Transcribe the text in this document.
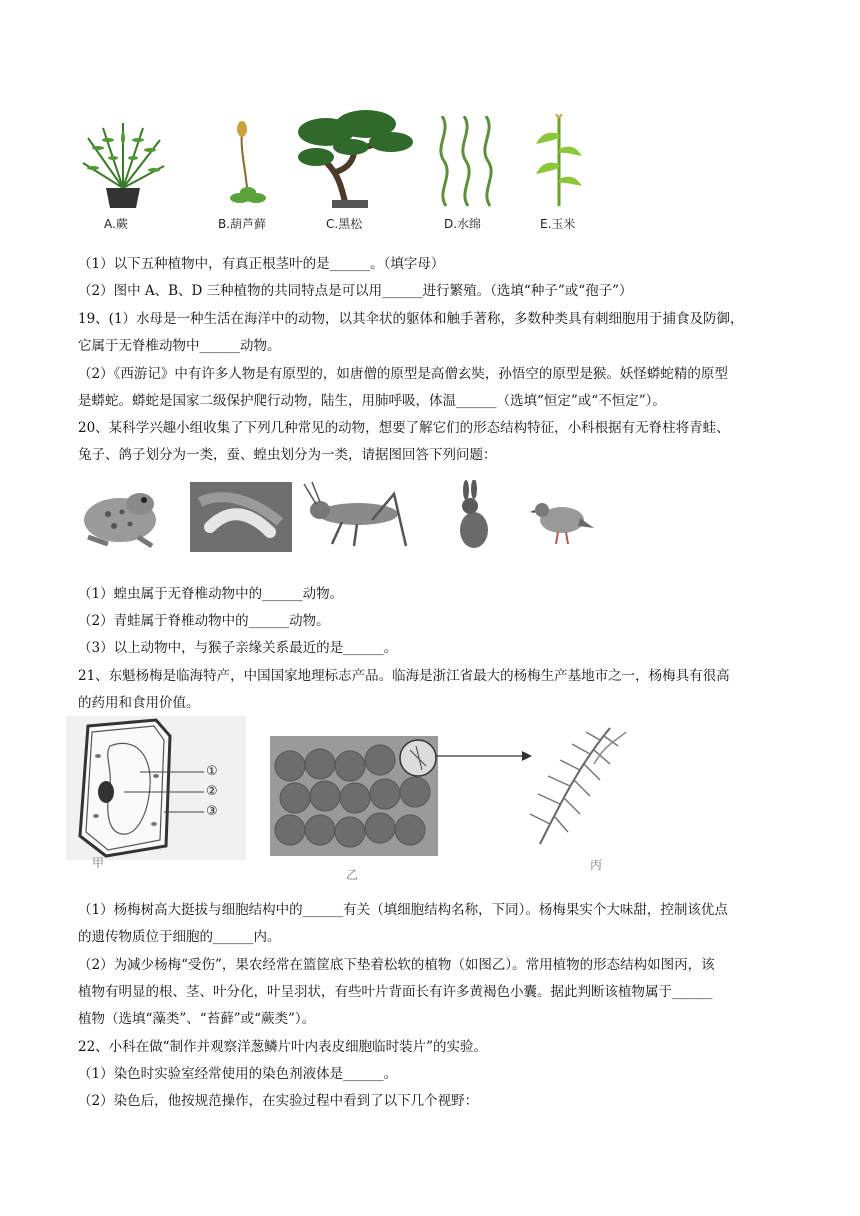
A.蕨	B.葫芦藓	C.黑松	D.水绵	E.玉米
（1）以下五种植物中，有真正根茎叶的是______。（填字母）
（2）图中 A、B、D 三种植物的共同特点是可以用______进行繁殖。（选填“种子”或“孢子”）
19、(1）水母是一种生活在海洋中的动物，以其伞状的躯体和触手著称，多数种类具有刺细胞用于捕食及防御，
它属于无脊椎动物中______动物。
（2）《西游记》中有许多人物是有原型的，如唐僧的原型是高僧玄奘，孙悟空的原型是猴。妖怪蟒蛇精的原型
是蟒蛇。蟒蛇是国家二级保护爬行动物，陆生，用肺呼吸，体温______（选填“恒定”或“不恒定”）。
20、某科学兴趣小组收集了下列几种常见的动物，想要了解它们的形态结构特征，小科根据有无脊柱将青蛙、
兔子、鸽子划分为一类，蚕、蝗虫划分为一类，请据图回答下列问题：
（1）蝗虫属于无脊椎动物中的______动物。
（2）青蛙属于脊椎动物中的______动物。
（3）以上动物中，与猴子亲缘关系最近的是______。
21、东魁杨梅是临海特产，中国国家地理标志产品。临海是浙江省最大的杨梅生产基地市之一，杨梅具有很高
的药用和食用价值。
①
②
③
甲
乙
丙
（1）杨梅树高大挺拔与细胞结构中的______有关（填细胞结构名称，下同）。杨梅果实个大味甜，控制该优点
的遗传物质位于细胞的______内。
（2）为减少杨梅“受伤”，果农经常在篮筐底下垫着松软的植物（如图乙）。常用植物的形态结构如图丙，该
植物有明显的根、茎、叶分化，叶呈羽状，有些叶片背面长有许多黄褐色小囊。据此判断该植物属于______
植物（选填“藻类”、“苔藓”或“蕨类”）。
22、小科在做“制作并观察洋葱鳞片叶内表皮细胞临时装片”的实验。
（1）染色时实验室经常使用的染色剂液体是______。
（2）染色后，他按规范操作，在实验过程中看到了以下几个视野：
